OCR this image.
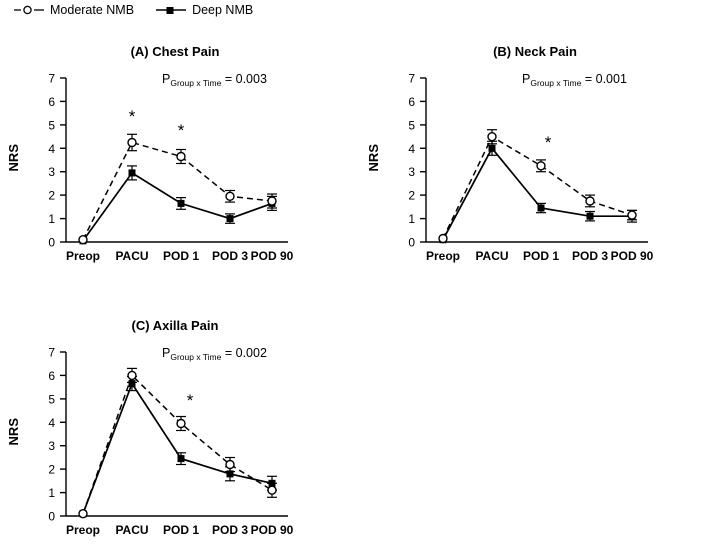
Moderate NMB	Deep NMB
(A) Chest Pain
$P_{Group x Time} = 0.003$
NRS
0
1
2
3
4
5
6
7
Preop PACU POD 1 POD 3 POD 90
*
*
(B) Neck Pain
$P_{Group x Time} = 0.001$
NRS
0
1
2
3
4
5
6
7
Preop PACU POD 1 POD 3 POD 90
*
(C) Axilla Pain
$P_{Group x Time} = 0.002$
NRS
0
1
2
3
4
5
6
7
Preop PACU POD 1 POD 3 POD 90
*
